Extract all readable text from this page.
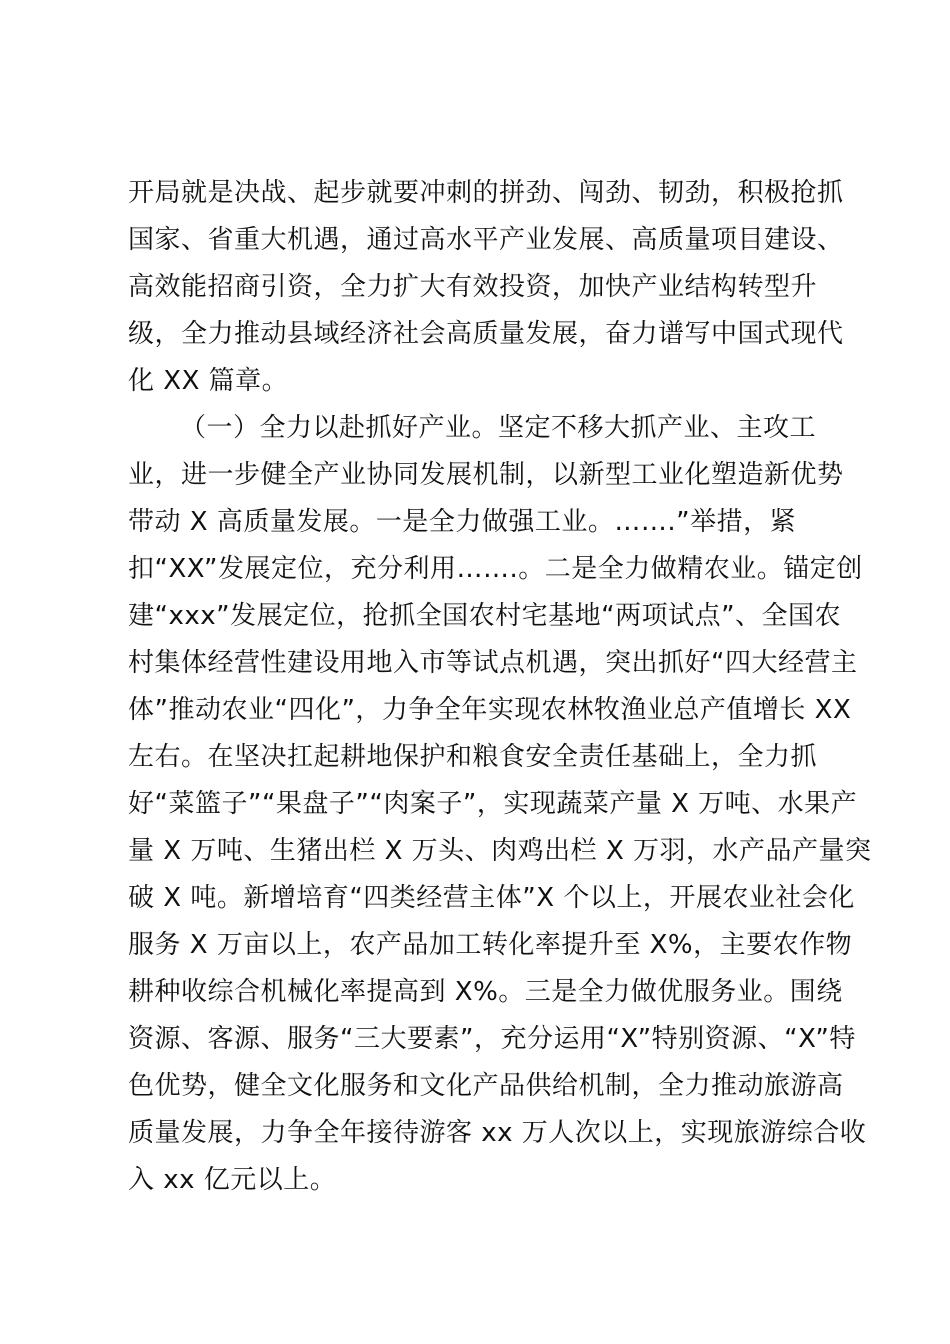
开局就是决战、起步就要冲刺的拼劲、闯劲、韧劲，积极抢抓
国家、省重大机遇，通过高水平产业发展、高质量项目建设、
高效能招商引资，全力扩大有效投资，加快产业结构转型升
级，全力推动县域经济社会高质量发展，奋力谱写中国式现代
化 XX 篇章。
（一）全力以赴抓好产业。坚定不移大抓产业、主攻工
业，进一步健全产业协同发展机制，以新型工业化塑造新优势
带动 X 高质量发展。一是全力做强工业。…….”举措，紧
扣“XX”发展定位，充分利用…….。二是全力做精农业。锚定创
建“xxx”发展定位，抢抓全国农村宅基地“两项试点”、全国农
村集体经营性建设用地入市等试点机遇，突出抓好“四大经营主
体”推动农业“四化”，力争全年实现农林牧渔业总产值增长 XX
左右。在坚决扛起耕地保护和粮食安全责任基础上，全力抓
好“菜篮子”“果盘子”“肉案子”，实现蔬菜产量 X 万吨、水果产
量 X 万吨、生猪出栏 X 万头、肉鸡出栏 X 万羽，水产品产量突
破 X 吨。新增培育“四类经营主体”X 个以上，开展农业社会化
服务 X 万亩以上，农产品加工转化率提升至 X%，主要农作物
耕种收综合机械化率提高到 X%。三是全力做优服务业。围绕
资源、客源、服务“三大要素”，充分运用“X”特别资源、“X”特
色优势，健全文化服务和文化产品供给机制，全力推动旅游高
质量发展，力争全年接待游客 xx 万人次以上，实现旅游综合收
入 xx 亿元以上。
